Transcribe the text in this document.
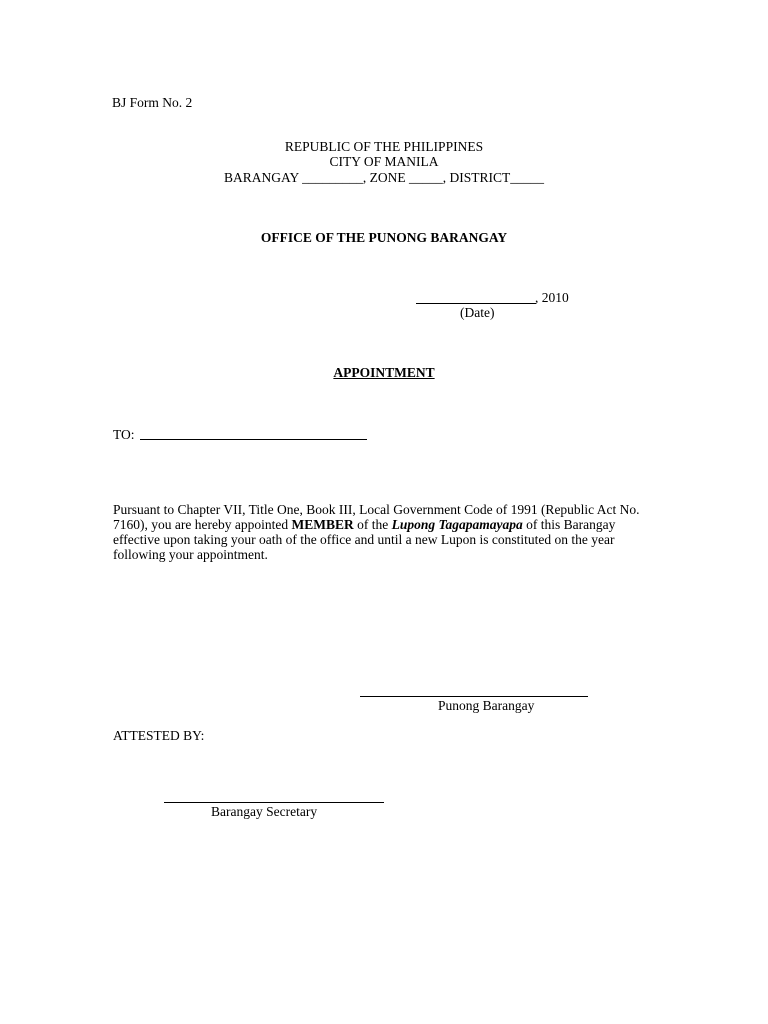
BJ Form No. 2
REPUBLIC OF THE PHILIPPINES
CITY OF MANILA
BARANGAY _________, ZONE _____, DISTRICT_____
OFFICE OF THE PUNONG BARANGAY
, 2010
(Date)
APPOINTMENT
TO:
Pursuant to Chapter VII, Title One, Book III, Local Government Code of 1991 (Republic Act No. 7160), you are hereby appointed MEMBER of the Lupong Tagapamayapa of this Barangay effective upon taking your oath of the office and until a new Lupon is constituted on the year following your appointment.
Punong Barangay
ATTESTED BY:
Barangay Secretary
